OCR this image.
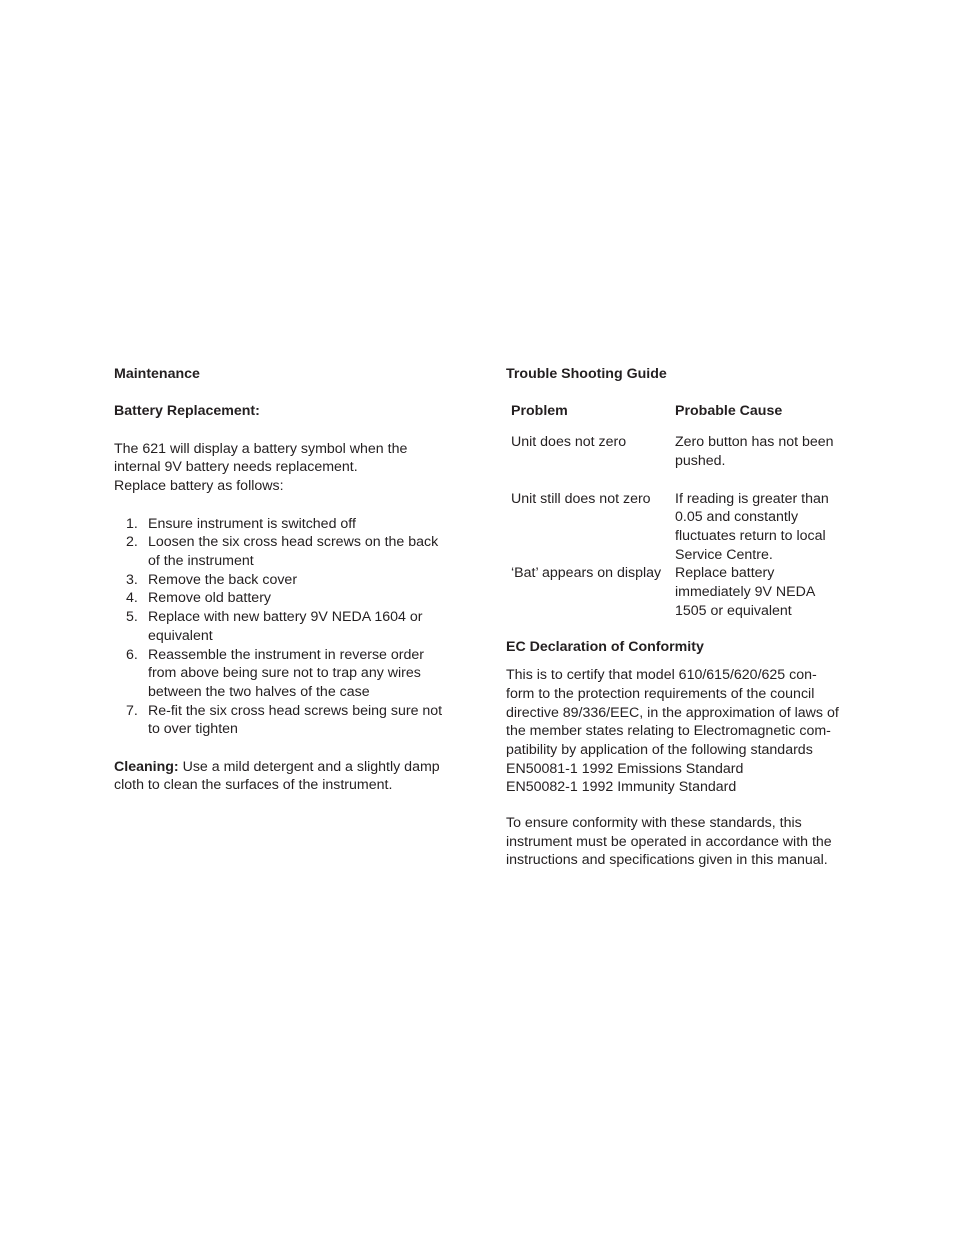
Maintenance

Battery Replacement:

The 621 will display a battery symbol when the

internal 9V battery needs replacement.

Replace battery as follows:

1. Ensure instrument is switched off
2. Loosen the six cross head screws on the back
of the instrument
3. Remove the back cover
4. Remove old battery
5. Replace with new battery 9V NEDA 1604 or
equivalent
6. Reassemble the instrument in reverse order
from above being sure not to trap any wires
between the two halves of the case
7. Re-fit the six cross head screws being sure not
to over tighten

Cleaning: Use a mild detergent and a slightly damp

cloth to clean the surfaces of the instrument.

Trouble Shooting Guide

Problem	Probable Cause
Unit does not zero	Zero button has not been
pushed.

Unit still does not zero	If reading is greater than
0.05 and constantly
fluctuates return to local
Service Centre.

‘Bat’ appears on display	Replace battery
immediately 9V NEDA
1505 or equivalent

EC Declaration of Conformity

This is to certify that model 610/615/620/625 con-

form to the protection requirements of the council

directive 89/336/EEC, in the approximation of laws of

the member states relating to Electromagnetic com-

patibility by application of the following standards

EN50081-1 1992 Emissions Standard

EN50082-1 1992 Immunity Standard

To ensure conformity with these standards, this

instrument must be operated in accordance with the

instructions and specifications given in this manual.
